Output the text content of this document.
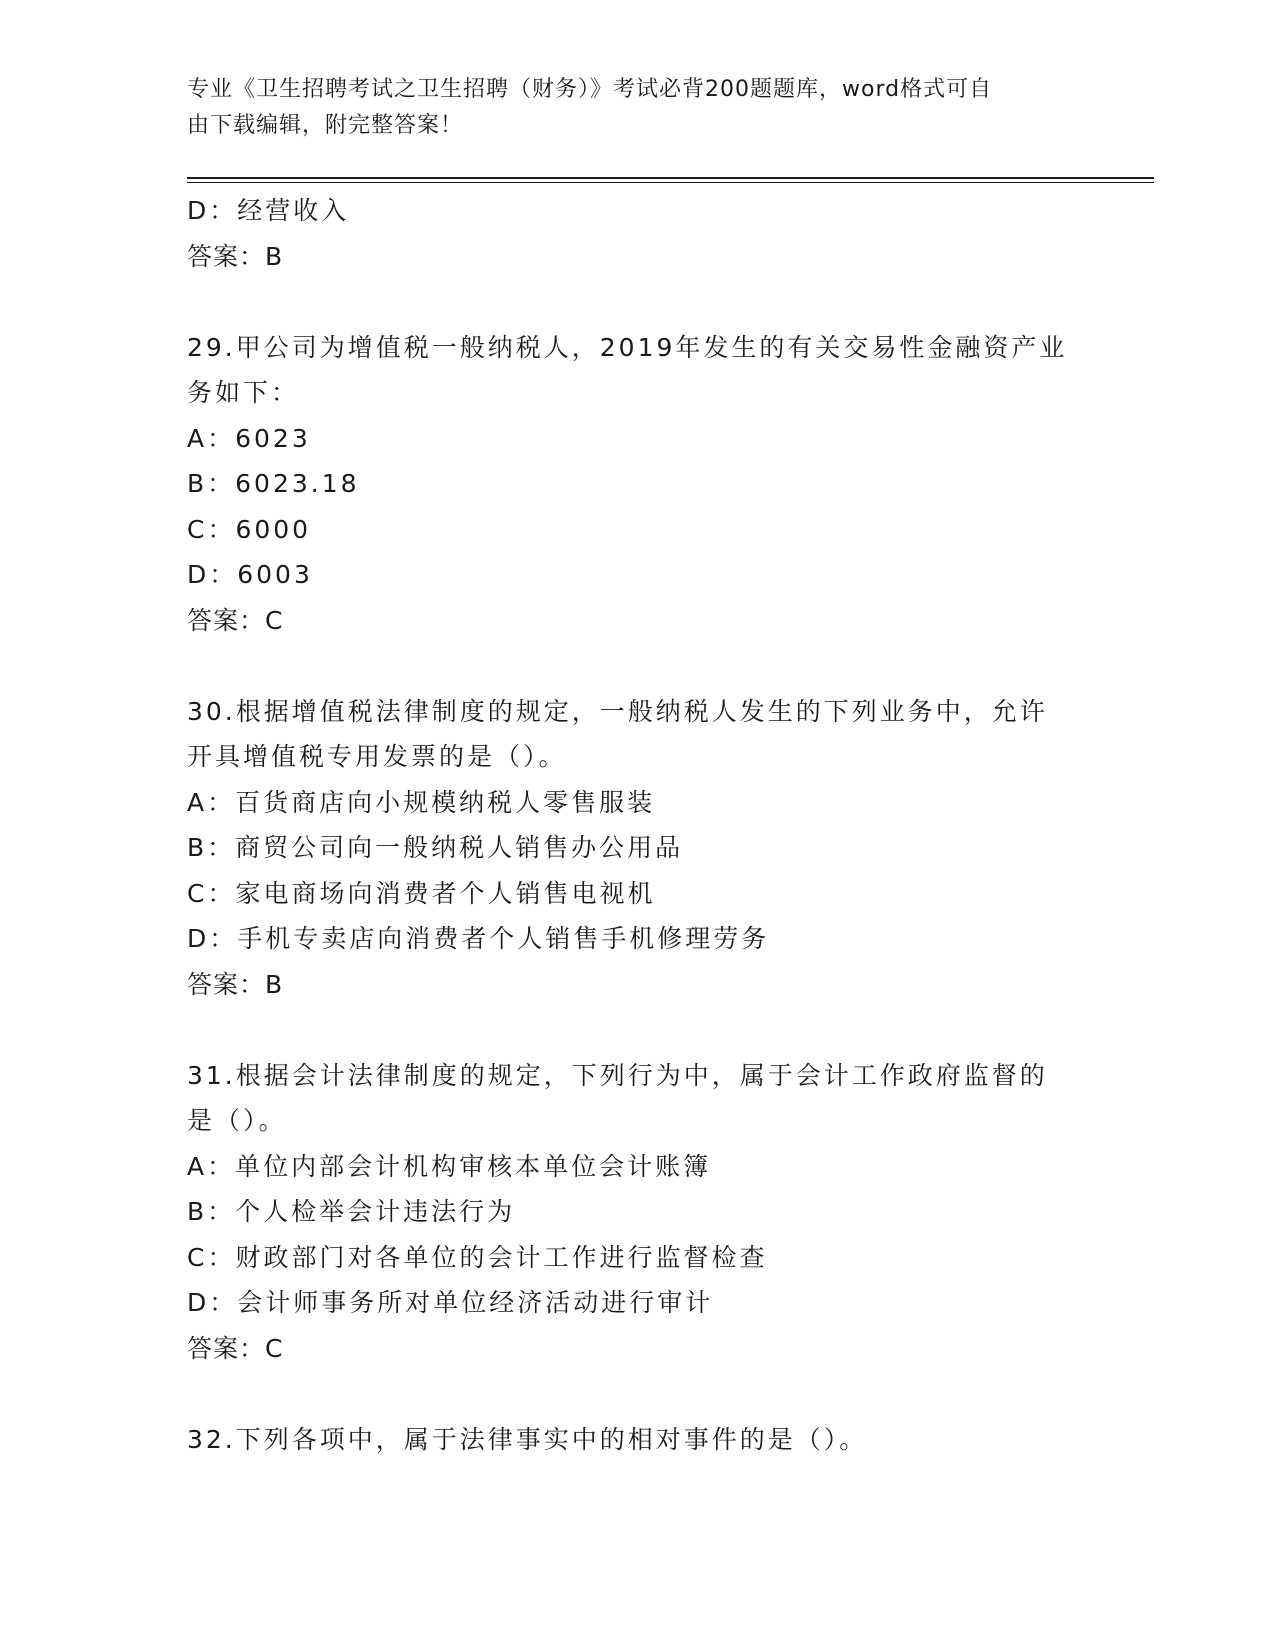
专业《卫生招聘考试之卫生招聘（财务）》考试必背200题题库，word格式可自
由下载编辑，附完整答案！
D：经营收入
答案：B
29.甲公司为增值税一般纳税人，2019年发生的有关交易性金融资产业
务如下：
A：6023
B：6023.18
C：6000
D：6003
答案：C
30.根据增值税法律制度的规定，一般纳税人发生的下列业务中，允许
开具增值税专用发票的是（）。
A：百货商店向小规模纳税人零售服装
B：商贸公司向一般纳税人销售办公用品
C：家电商场向消费者个人销售电视机
D：手机专卖店向消费者个人销售手机修理劳务
答案：B
31.根据会计法律制度的规定，下列行为中，属于会计工作政府监督的
是（）。
A：单位内部会计机构审核本单位会计账簿
B：个人检举会计违法行为
C：财政部门对各单位的会计工作进行监督检查
D：会计师事务所对单位经济活动进行审计
答案：C
32.下列各项中，属于法律事实中的相对事件的是（）。
